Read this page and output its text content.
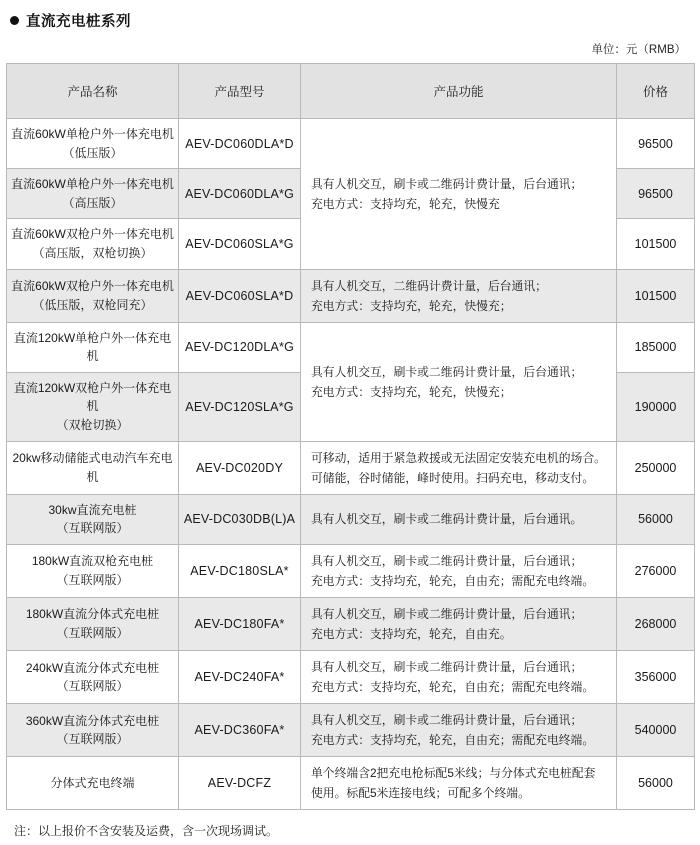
直流充电桩系列
单位：元（RMB）
产品名称	产品型号	产品功能	价格
直流60kW单枪户外一体充电机
（低压版）	AEV-DC060DLA*D	具有人机交互，刷卡或二维码计费计量，后台通讯；
充电方式：支持均充，轮充，快慢充	96500
直流60kW单枪户外一体充电机
（高压版）	AEV-DC060DLA*G		96500
直流60kW双枪户外一体充电机
（高压版，双枪切换）	AEV-DC060SLA*G		101500
直流60kW双枪户外一体充电机
（低压版，双枪同充）	AEV-DC060SLA*D	具有人机交互，二维码计费计量，后台通讯；
充电方式：支持均充，轮充，快慢充；	101500
直流120kW单枪户外一体充电机	AEV-DC120DLA*G	具有人机交互，刷卡或二维码计费计量，后台通讯；
充电方式：支持均充，轮充，快慢充；	185000
直流120kW双枪户外一体充电机
（双枪切换）	AEV-DC120SLA*G		190000
20kw移动储能式电动汽车充电机	AEV-DC020DY	可移动，适用于紧急救援或无法固定安装充电机的场合。
可储能，谷时储能，峰时使用。扫码充电，移动支付。	250000
30kw直流充电桩
（互联网版）	AEV-DC030DB(L)A	具有人机交互，刷卡或二维码计费计量，后台通讯。	56000
180kW直流双枪充电桩
（互联网版）	AEV-DC180SLA*	具有人机交互，刷卡或二维码计费计量，后台通讯；
充电方式：支持均充，轮充，自由充；需配充电终端。	276000
180kW直流分体式充电桩
（互联网版）	AEV-DC180FA*	具有人机交互，刷卡或二维码计费计量，后台通讯；
充电方式：支持均充，轮充，自由充。	268000
240kW直流分体式充电桩
（互联网版）	AEV-DC240FA*	具有人机交互，刷卡或二维码计费计量，后台通讯；
充电方式：支持均充，轮充，自由充；需配充电终端。	356000
360kW直流分体式充电桩
（互联网版）	AEV-DC360FA*	具有人机交互，刷卡或二维码计费计量，后台通讯；
充电方式：支持均充，轮充，自由充；需配充电终端。	540000
分体式充电终端	AEV-DCFZ	单个终端含2把充电枪标配5米线；与分体式充电桩配套
使用。标配5米连接电线；可配多个终端。	56000
注：以上报价不含安装及运费，含一次现场调试。
